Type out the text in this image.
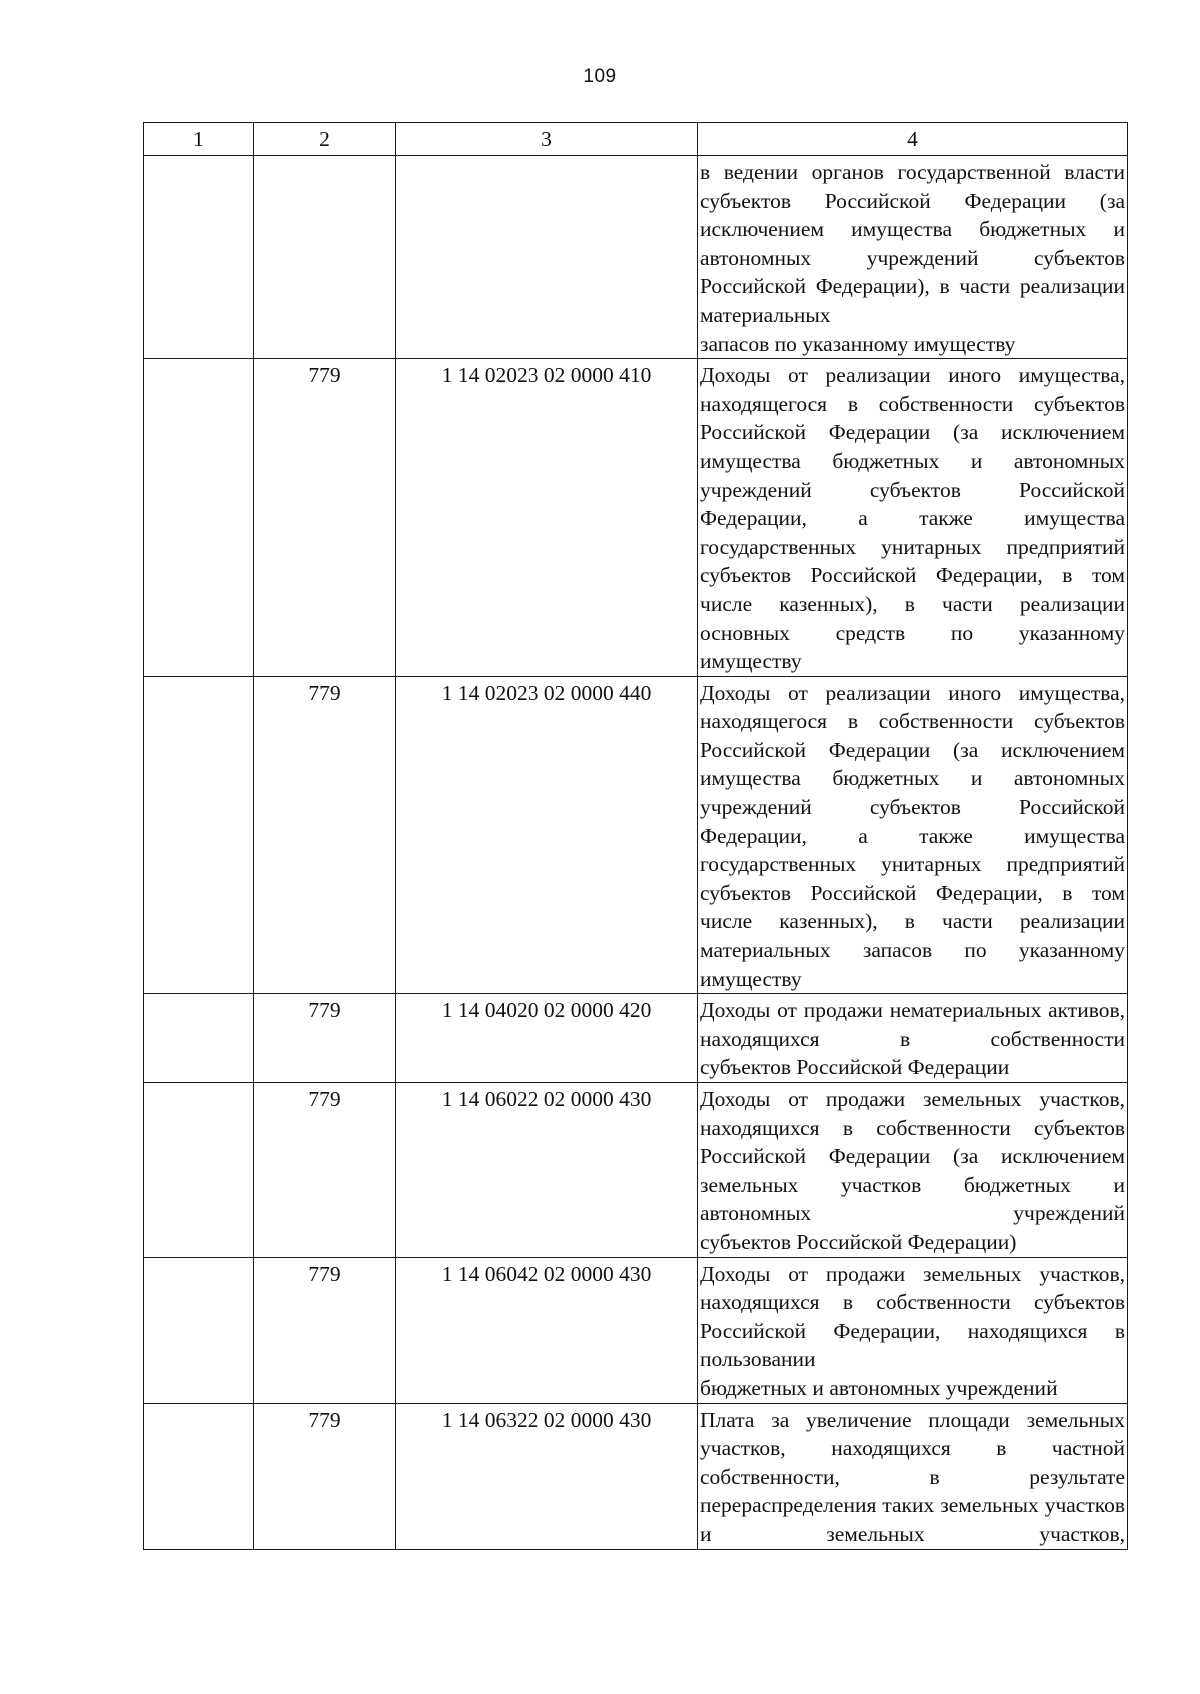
109
1	2	3	4

			в ведении органов государственной власти субъектов Российской Федерации (за исключением имущества бюджетных и автономных учреждений субъектов Российской Федерации), в части реализации материальных
запасов по указанному имуществу

	779	1 14 02023 02 0000 410	Доходы от реализации иного имущества, находящегося в собственности субъектов Российской Федерации (за исключением имущества бюджетных и автономных учреждений субъектов Российской Федерации, а также имущества государственных унитарных предприятий субъектов Российской Федерации, в том числе казенных), в части реализации основных средств по указанному
имуществу

	779	1 14 02023 02 0000 440	Доходы от реализации иного имущества, находящегося в собственности субъектов Российской Федерации (за исключением имущества бюджетных и автономных учреждений субъектов Российской Федерации, а также имущества государственных унитарных предприятий субъектов Российской Федерации, в том числе казенных), в части реализации материальных запасов по указанному
имуществу

	779	1 14 04020 02 0000 420	Доходы от продажи нематериальных активов, находящихся в собственности
субъектов Российской Федерации

	779	1 14 06022 02 0000 430	Доходы от продажи земельных участков, находящихся в собственности субъектов Российской Федерации (за исключением земельных участков бюджетных и автономных учреждений
субъектов Российской Федерации)

	779	1 14 06042 02 0000 430	Доходы от продажи земельных участков, находящихся в собственности субъектов Российской Федерации, находящихся в пользовании
бюджетных и автономных учреждений

	779	1 14 06322 02 0000 430	Плата за увеличение площади земельных участков, находящихся в частной собственности, в результате перераспределения таких земельных участков и земельных участков,
